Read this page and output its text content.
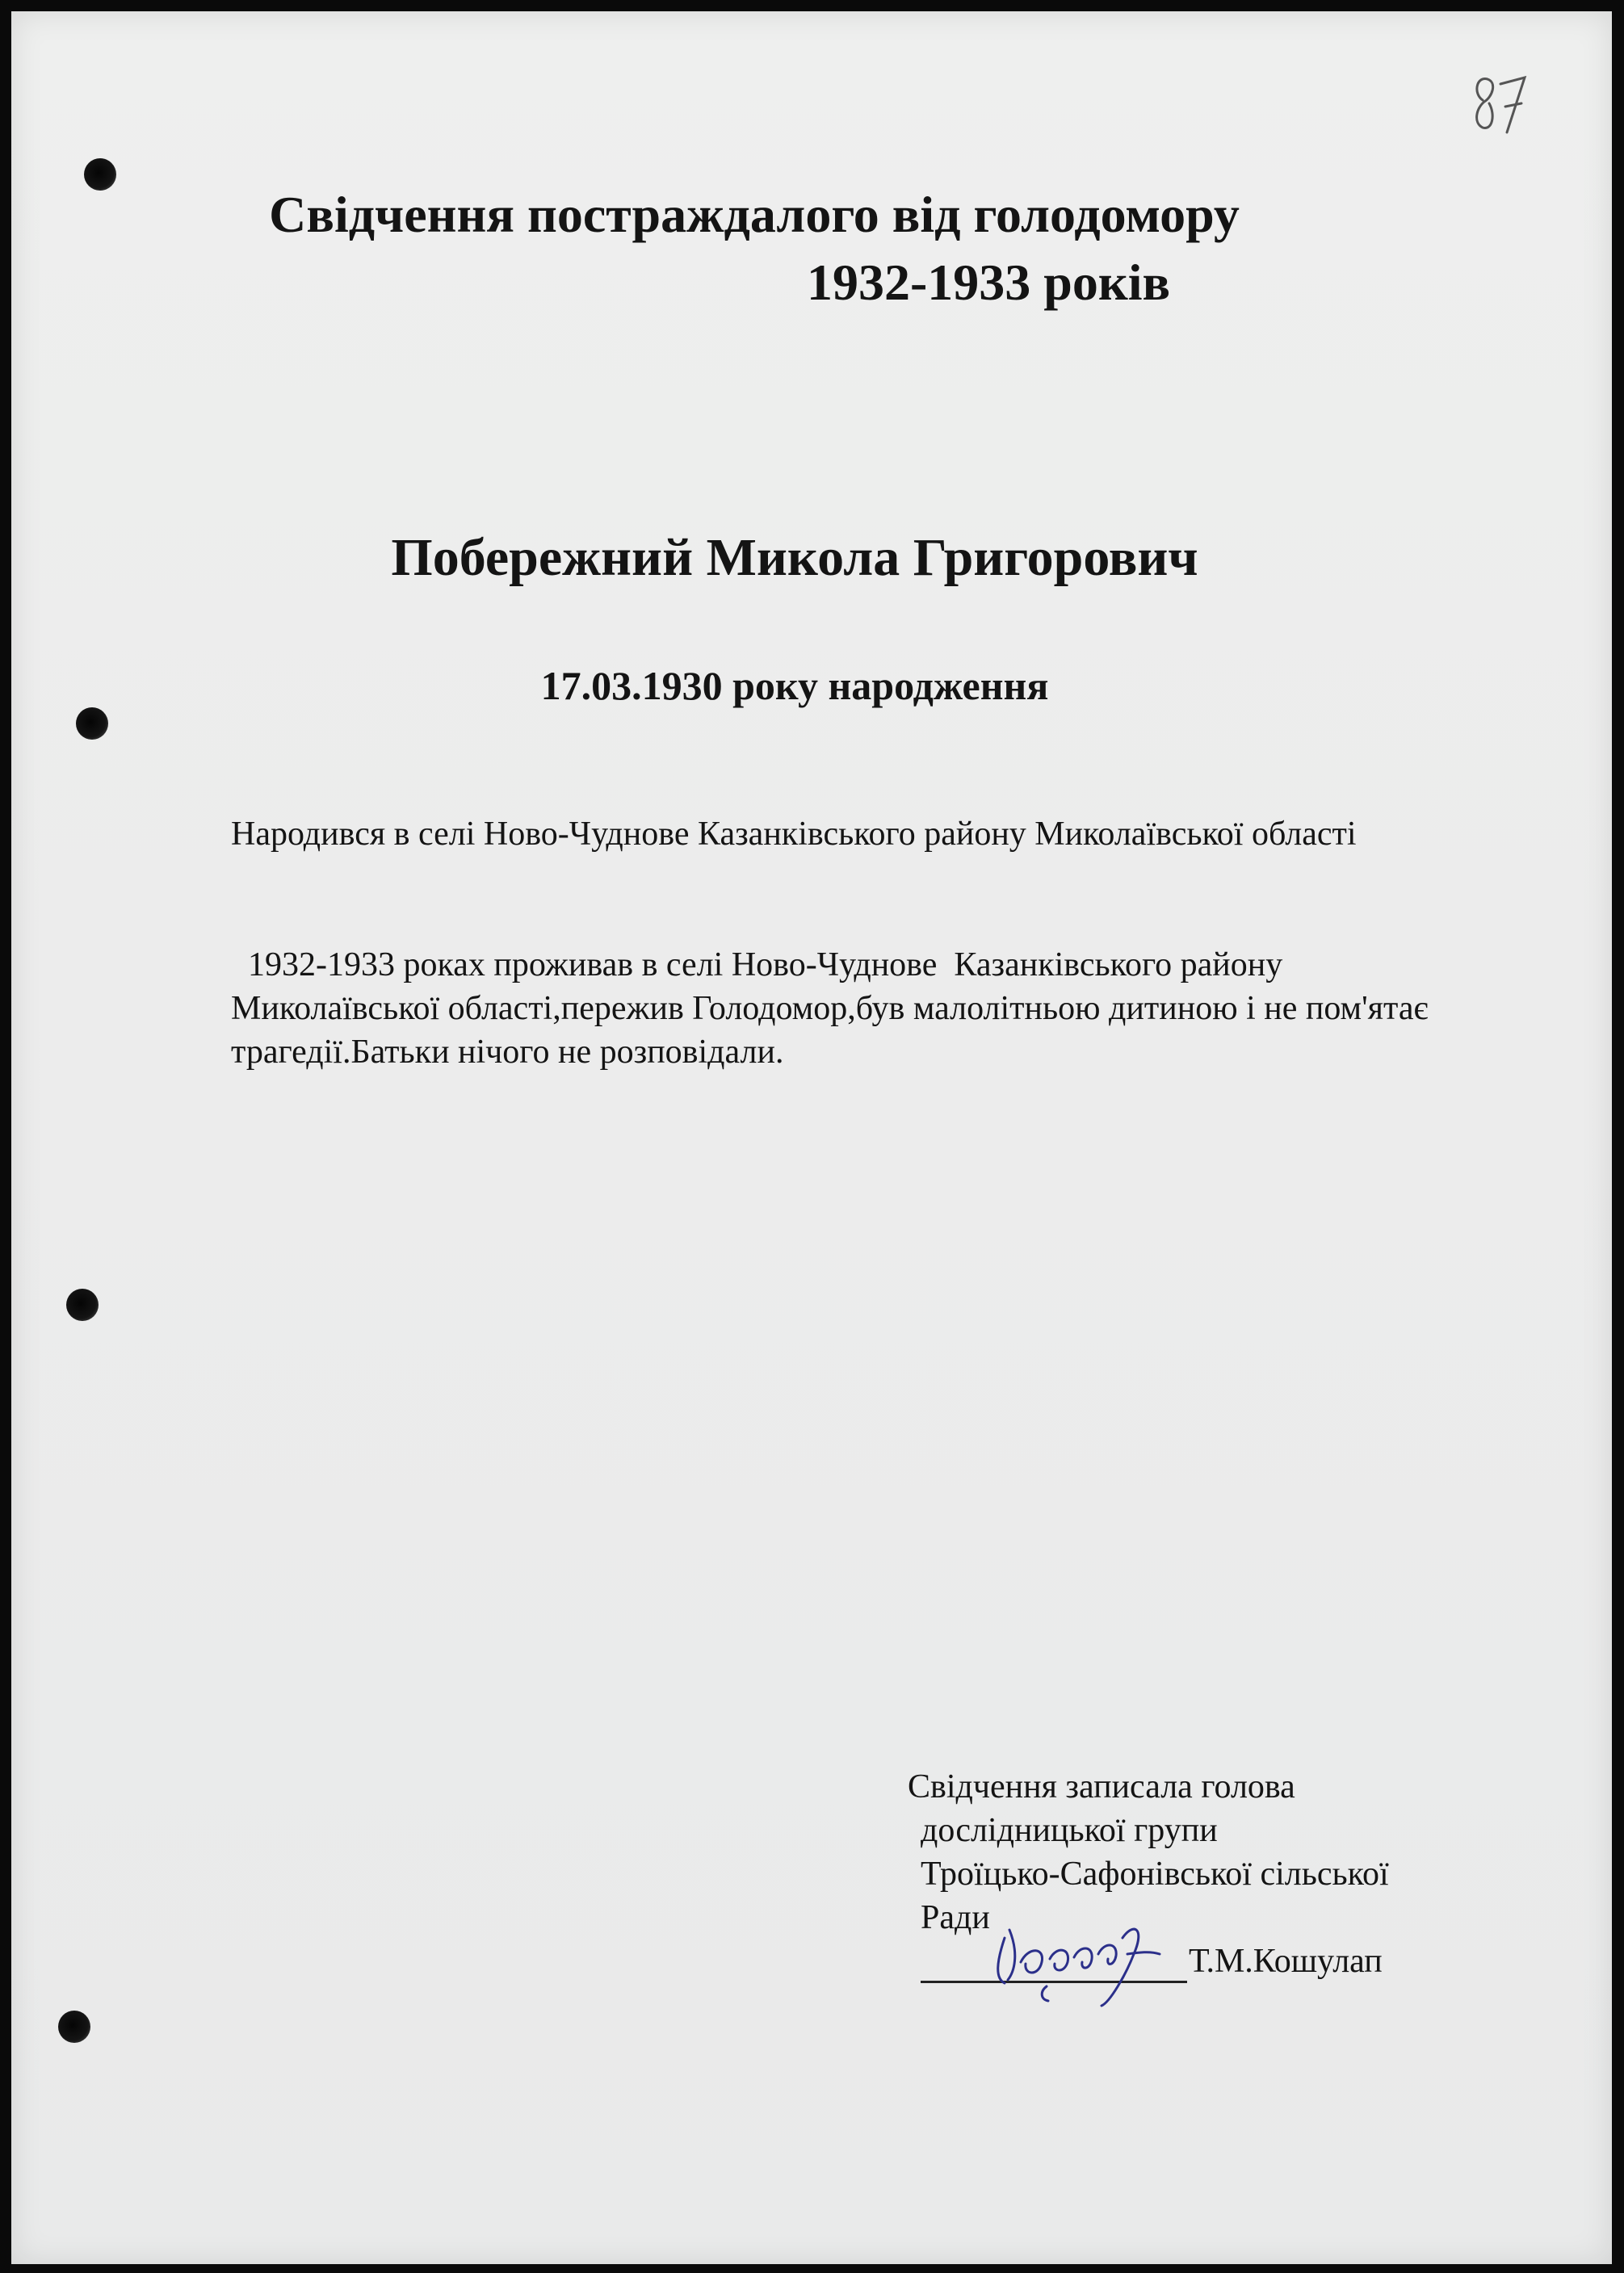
Свідчення постраждалого від голодомору
1932-1933 років
Побережний Микола Григорович
17.03.1930 року народження
Народився в селі Ново-Чуднове Казанківського району Миколаївської області
1932-1933 роках проживав в селі Ново-Чуднове  Казанківського району Миколаївської області,пережив Голодомор,був малолітньою дитиною і не пом'ятає трагедії.Батьки нічого не розповідали.
Свідчення записала голова
дослідницької групи
Троїцько-Сафонівської сільської
Ради
Т.М.Кошулап
